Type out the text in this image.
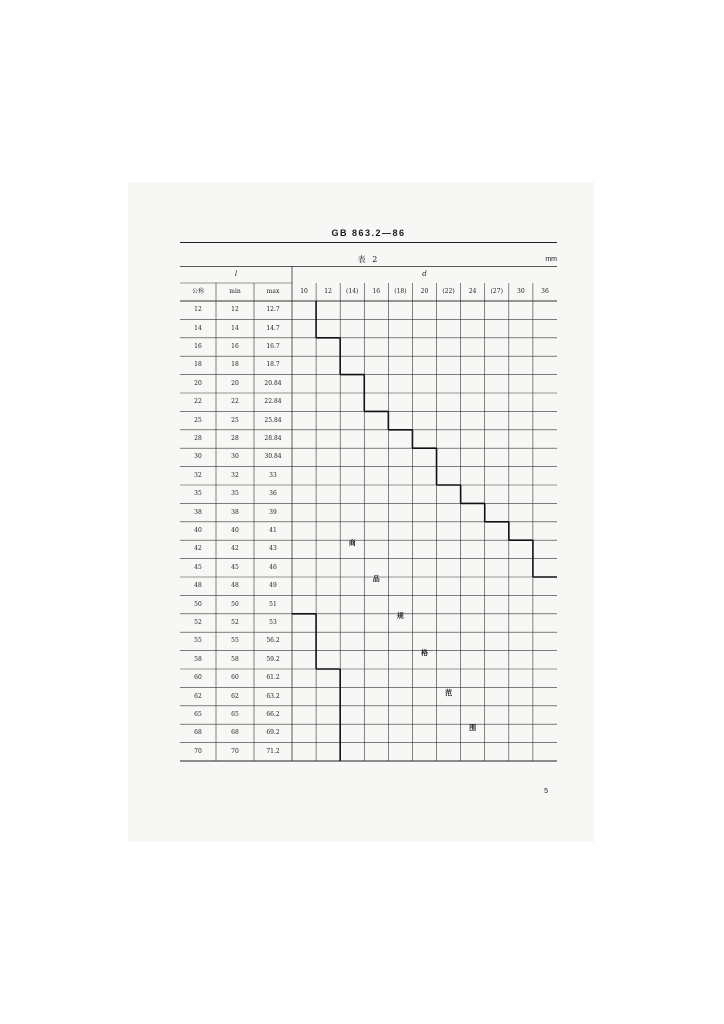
GB 863.2—86
表 2	mm
l	d
公称	min	max	10	12	(14)	16	(18)	20	(22)	24	(27)	30	36
12	12	12.7
14	14	14.7
16	16	16.7
18	18	18.7
20	20	20.84
22	22	22.84
25	25	25.84
28	28	28.84
30	30	30.84
32	32	33
35	35	36
38	38	39
40	40	41
42	42	43
45	45	46
48	48	49
50	50	51
52	52	53
55	55	56.2
58	58	59.2
60	60	61.2
62	62	63.2
65	65	66.2
68	68	69.2
70	70	71.2
商
品
规
格
范
围
5
